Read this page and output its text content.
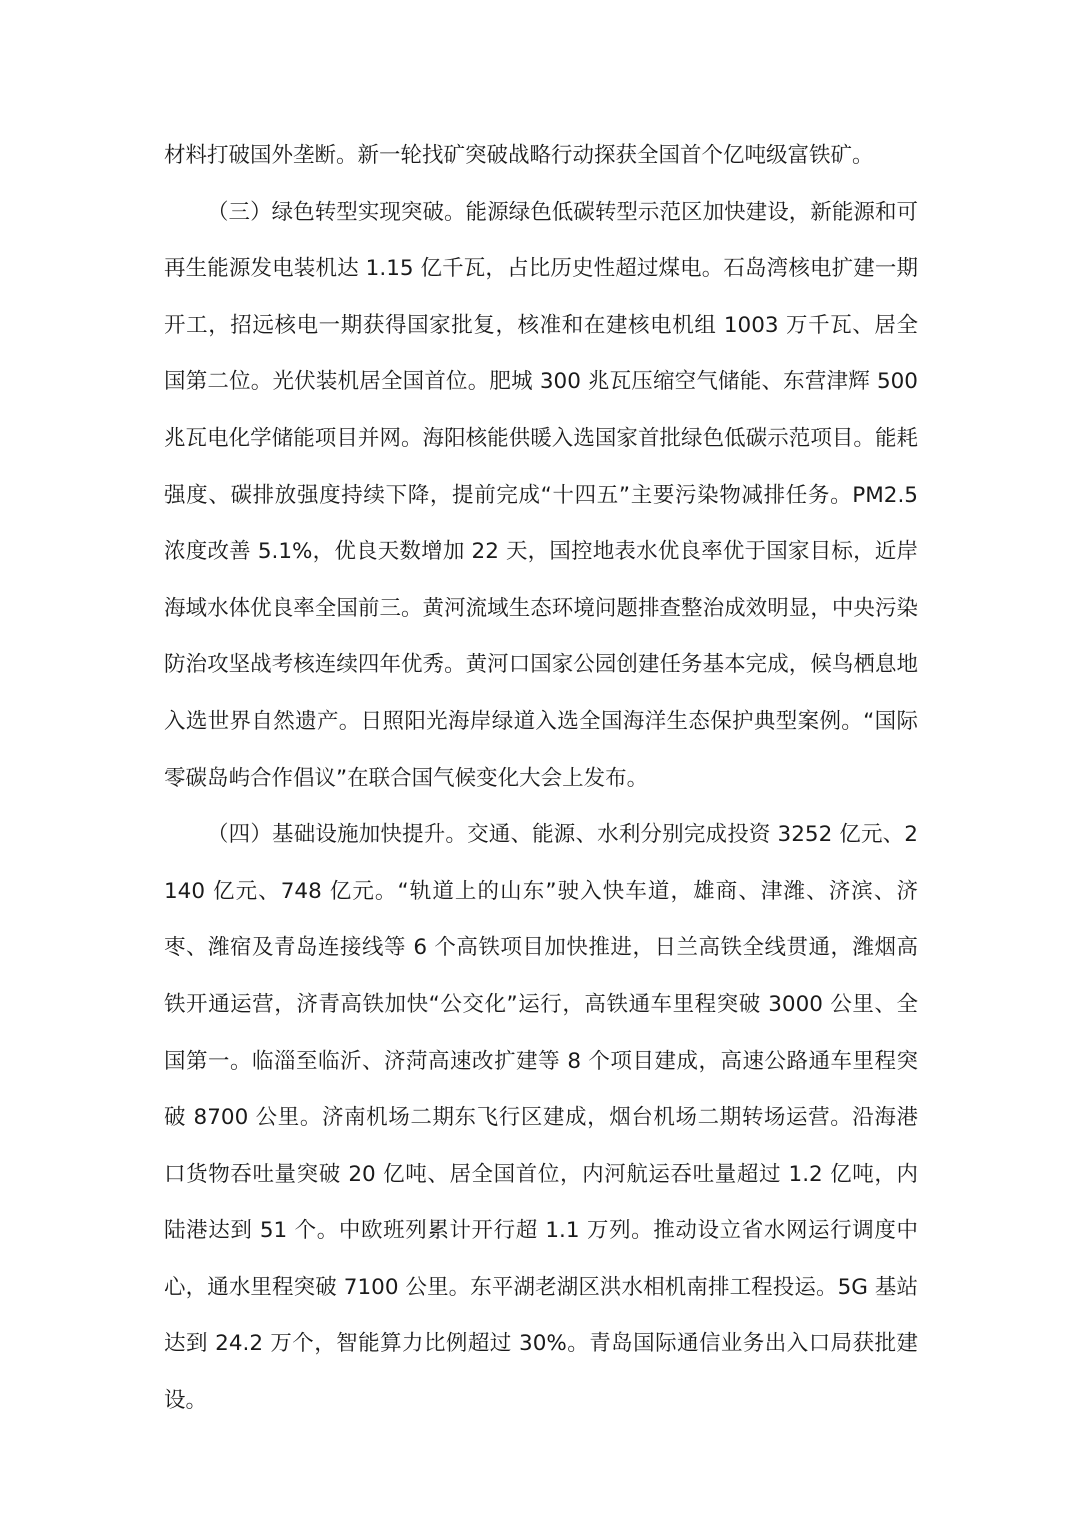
材料打破国外垄断。新一轮找矿突破战略行动探获全国首个亿吨级富铁矿。

（三）绿色转型实现突破。能源绿色低碳转型示范区加快建设，新能源和可再生能源发电装机达 1.15 亿千瓦，占比历史性超过煤电。石岛湾核电扩建一期开工，招远核电一期获得国家批复，核准和在建核电机组 1003 万千瓦、居全国第二位。光伏装机居全国首位。肥城 300 兆瓦压缩空气储能、东营津辉 500 兆瓦电化学储能项目并网。海阳核能供暖入选国家首批绿色低碳示范项目。能耗强度、碳排放强度持续下降，提前完成“十四五”主要污染物减排任务。PM2.5 浓度改善 5.1%，优良天数增加 22 天，国控地表水优良率优于国家目标，近岸海域水体优良率全国前三。黄河流域生态环境问题排查整治成效明显，中央污染防治攻坚战考核连续四年优秀。黄河口国家公园创建任务基本完成，候鸟栖息地入选世界自然遗产。日照阳光海岸绿道入选全国海洋生态保护典型案例。“国际零碳岛屿合作倡议”在联合国气候变化大会上发布。

（四）基础设施加快提升。交通、能源、水利分别完成投资 3252 亿元、2140 亿元、748 亿元。“轨道上的山东”驶入快车道，雄商、津潍、济滨、济枣、潍宿及青岛连接线等 6 个高铁项目加快推进，日兰高铁全线贯通，潍烟高铁开通运营，济青高铁加快“公交化”运行，高铁通车里程突破 3000 公里、全国第一。临淄至临沂、济菏高速改扩建等 8 个项目建成，高速公路通车里程突破 8700 公里。济南机场二期东飞行区建成，烟台机场二期转场运营。沿海港口货物吞吐量突破 20 亿吨、居全国首位，内河航运吞吐量超过 1.2 亿吨，内陆港达到 51 个。中欧班列累计开行超 1.1 万列。推动设立省水网运行调度中心，通水里程突破 7100 公里。东平湖老湖区洪水相机南排工程投运。5G 基站达到 24.2 万个，智能算力比例超过 30%。青岛国际通信业务出入口局获批建设。
